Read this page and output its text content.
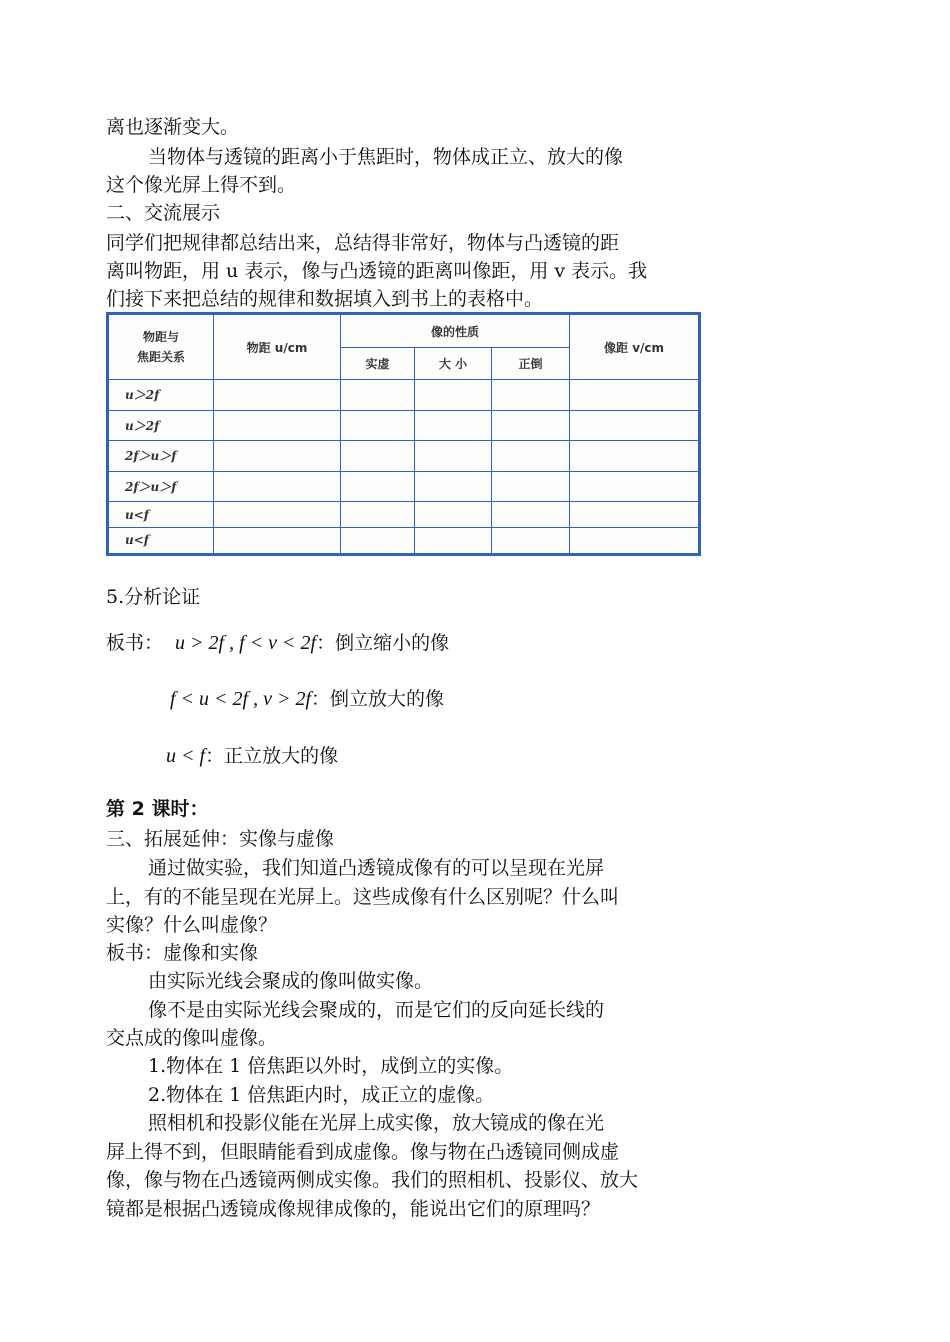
离也逐渐变大。
当物体与透镜的距离小于焦距时，物体成正立、放大的像
这个像光屏上得不到。
二、交流展示
同学们把规律都总结出来，总结得非常好，物体与凸透镜的距
离叫物距，用 u 表示，像与凸透镜的距离叫像距，用 v 表示。我
们接下来把总结的规律和数据填入到书上的表格中。
物距与
焦距关系	物距 u/cm	像的性质			像距 v/cm
		实虚	大 小	正倒	
u＞2f					
u＞2f					
2f＞u＞f					
2f＞u＞f					
u<f					
u<f					
5.分析论证
板书： u > 2f , f < v < 2f：倒立缩小的像
f < u < 2f , v > 2f：倒立放大的像
u < f：正立放大的像
第 2 课时：
三、拓展延伸：实像与虚像
通过做实验，我们知道凸透镜成像有的可以呈现在光屏
上，有的不能呈现在光屏上。这些成像有什么区别呢？什么叫
实像？什么叫虚像？
板书：虚像和实像
由实际光线会聚成的像叫做实像。
像不是由实际光线会聚成的，而是它们的反向延长线的
交点成的像叫虚像。
1.物体在 1 倍焦距以外时，成倒立的实像。
2.物体在 1 倍焦距内时，成正立的虚像。
照相机和投影仪能在光屏上成实像，放大镜成的像在光
屏上得不到，但眼睛能看到成虚像。像与物在凸透镜同侧成虚
像，像与物在凸透镜两侧成实像。我们的照相机、投影仪、放大
镜都是根据凸透镜成像规律成像的，能说出它们的原理吗？
